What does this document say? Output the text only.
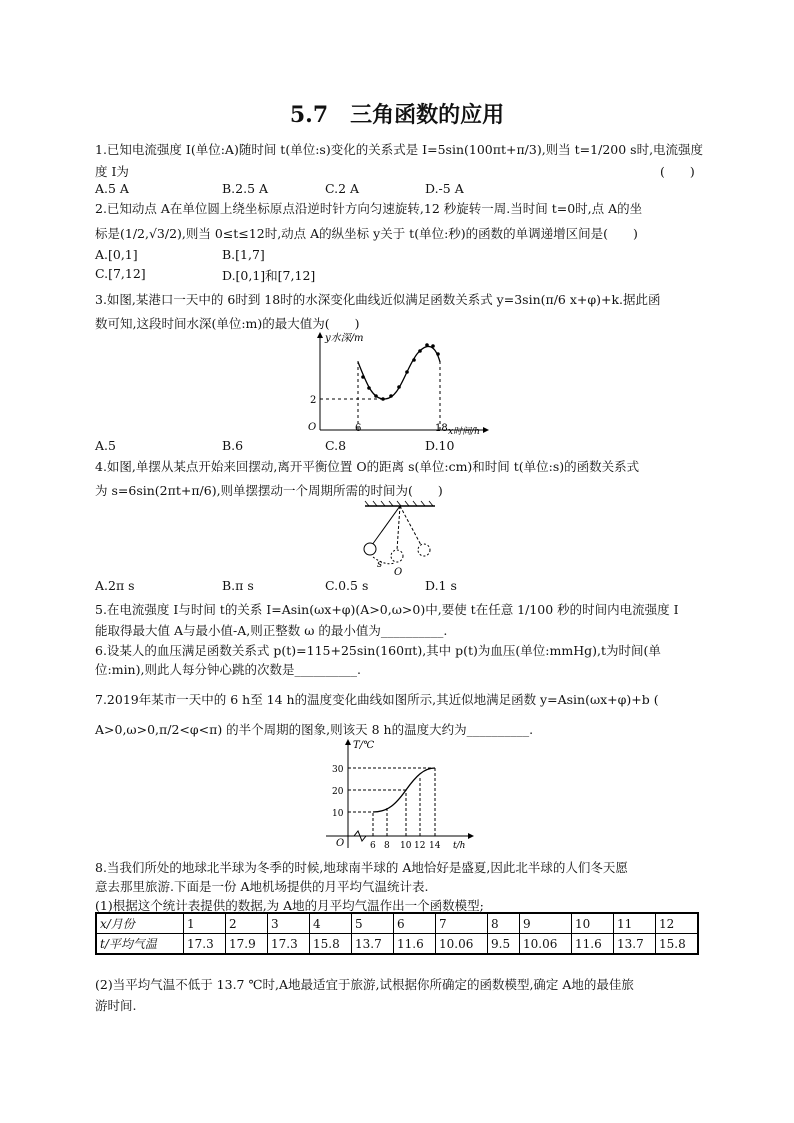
5.7　三角函数的应用
1.已知电流强度 I(单位:A)随时间 t(单位:s)变化的关系式是 I=5sin(100πt+π/3),则当 t=1/200 s时,电流强度
度 I为	(　　)
A.5 A	B.2.5 A	C.2 A	D.-5 A
2.已知动点 A在单位圆上绕坐标原点沿逆时针方向匀速旋转,12 秒旋转一周.当时间 t=0时,点 A的坐
标是(1/2,√3/2),则当 0≤t≤12时,动点 A的纵坐标 y关于 t(单位:秒)的函数的单调递增区间是(　　)
A.[0,1]	B.[1,7]
C.[7,12]	D.[0,1]和[7,12]
3.如图,某港口一天中的 6时到 18时的水深变化曲线近似满足函数关系式 y=3sin(π/6 x+φ)+k.据此函
数可知,这段时间水深(单位:m)的最大值为(　　)
y水深/m
x时间/h
O	6	18
2
A.5	B.6	C.8	D.10
4.如图,单摆从某点开始来回摆动,离开平衡位置 O的距离 s(单位:cm)和时间 t(单位:s)的函数关系式
为 s=6sin(2πt+π/6),则单摆摆动一个周期所需的时间为(　　)
s
O
A.2π s	B.π s	C.0.5 s	D.1 s
5.在电流强度 I与时间 t的关系 I=Asin(ωx+φ)(A>0,ω>0)中,要使 t在任意 1/100 秒的时间内电流强度 I
能取得最大值 A与最小值-A,则正整数 ω 的最小值为__________.
6.设某人的血压满足函数关系式 p(t)=115+25sin(160πt),其中 p(t)为血压(单位:mmHg),t为时间(单
位:min),则此人每分钟心跳的次数是__________.
7.2019年某市一天中的 6 h至 14 h的温度变化曲线如图所示,其近似地满足函数 y=Asin(ωx+φ)+b (
A>0,ω>0,π/2<φ<π) 的半个周期的图象,则该天 8 h的温度大约为__________.
T/℃
t/h
O
10
20
30
6 8 10 12 14
8.当我们所处的地球北半球为冬季的时候,地球南半球的 A地恰好是盛夏,因此北半球的人们冬天愿
意去那里旅游.下面是一份 A地机场提供的月平均气温统计表.
(1)根据这个统计表提供的数据,为 A地的月平均气温作出一个函数模型;
x/月份	1	2	3	4	5	6	7	8	9	10	11	12
t/平均气温	17.3	17.9	17.3	15.8	13.7	11.6	10.06	9.5	10.06	11.6	13.7	15.8
(2)当平均气温不低于 13.7 ℃时,A地最适宜于旅游,试根据你所确定的函数模型,确定 A地的最佳旅
游时间.
